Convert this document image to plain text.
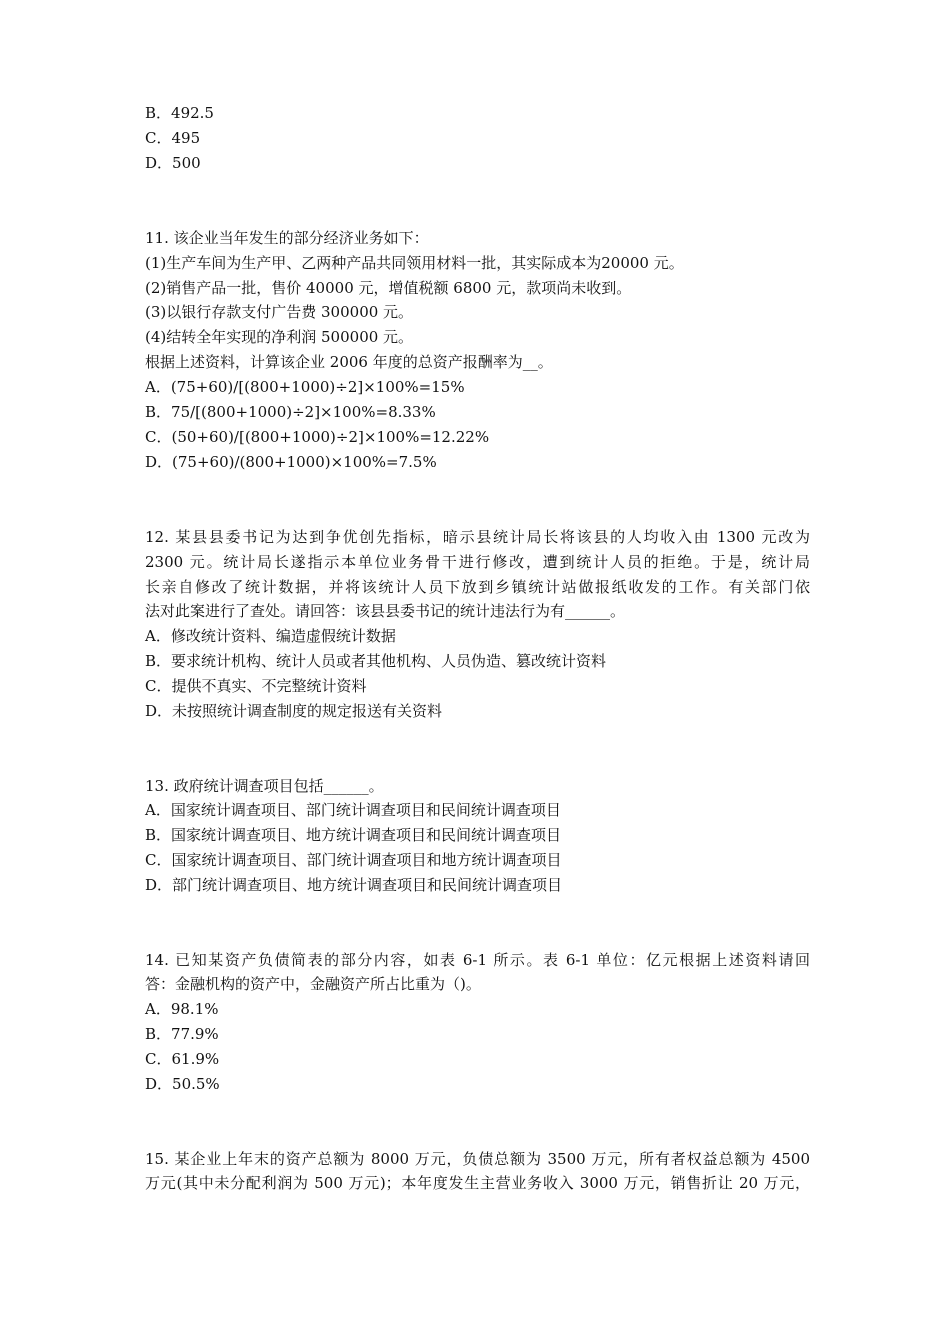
B．492.5
C．495
D．500
11. 该企业当年发生的部分经济业务如下：
(1)生产车间为生产甲、乙两种产品共同领用材料一批，其实际成本为20000 元。
(2)销售产品一批，售价 40000 元，增值税额 6800 元，款项尚未收到。
(3)以银行存款支付广告费 300000 元。
(4)结转全年实现的净利润 500000 元。
根据上述资料，计算该企业 2006 年度的总资产报酬率为__。
A．(75+60)/[(800+1000)÷2]×100%=15%
B．75/[(800+1000)÷2]×100%=8.33%
C．(50+60)/[(800+1000)÷2]×100%=12.22%
D．(75+60)/(800+1000)×100%=7.5%
12. 某县县委书记为达到争优创先指标，暗示县统计局长将该县的人均收入由 1300 元改为
2300 元。统计局长遂指示本单位业务骨干进行修改，遭到统计人员的拒绝。于是，统计局
长亲自修改了统计数据，并将该统计人员下放到乡镇统计站做报纸收发的工作。有关部门依
法对此案进行了查处。请回答：该县县委书记的统计违法行为有______。
A．修改统计资料、编造虚假统计数据
B．要求统计机构、统计人员或者其他机构、人员伪造、篡改统计资料
C．提供不真实、不完整统计资料
D．未按照统计调查制度的规定报送有关资料
13. 政府统计调查项目包括______。
A．国家统计调查项目、部门统计调查项目和民间统计调查项目
B．国家统计调查项目、地方统计调查项目和民间统计调查项目
C．国家统计调查项目、部门统计调查项目和地方统计调查项目
D．部门统计调查项目、地方统计调查项目和民间统计调查项目
14. 已知某资产负债简表的部分内容，如表 6-1 所示。表 6-1 单位：亿元根据上述资料请回
答：金融机构的资产中，金融资产所占比重为（)。
A．98.1%
B．77.9%
C．61.9%
D．50.5%
15. 某企业上年末的资产总额为 8000 万元，负债总额为 3500 万元，所有者权益总额为 4500
万元(其中未分配利润为 500 万元)；本年度发生主营业务收入 3000 万元，销售折让 20 万元，
